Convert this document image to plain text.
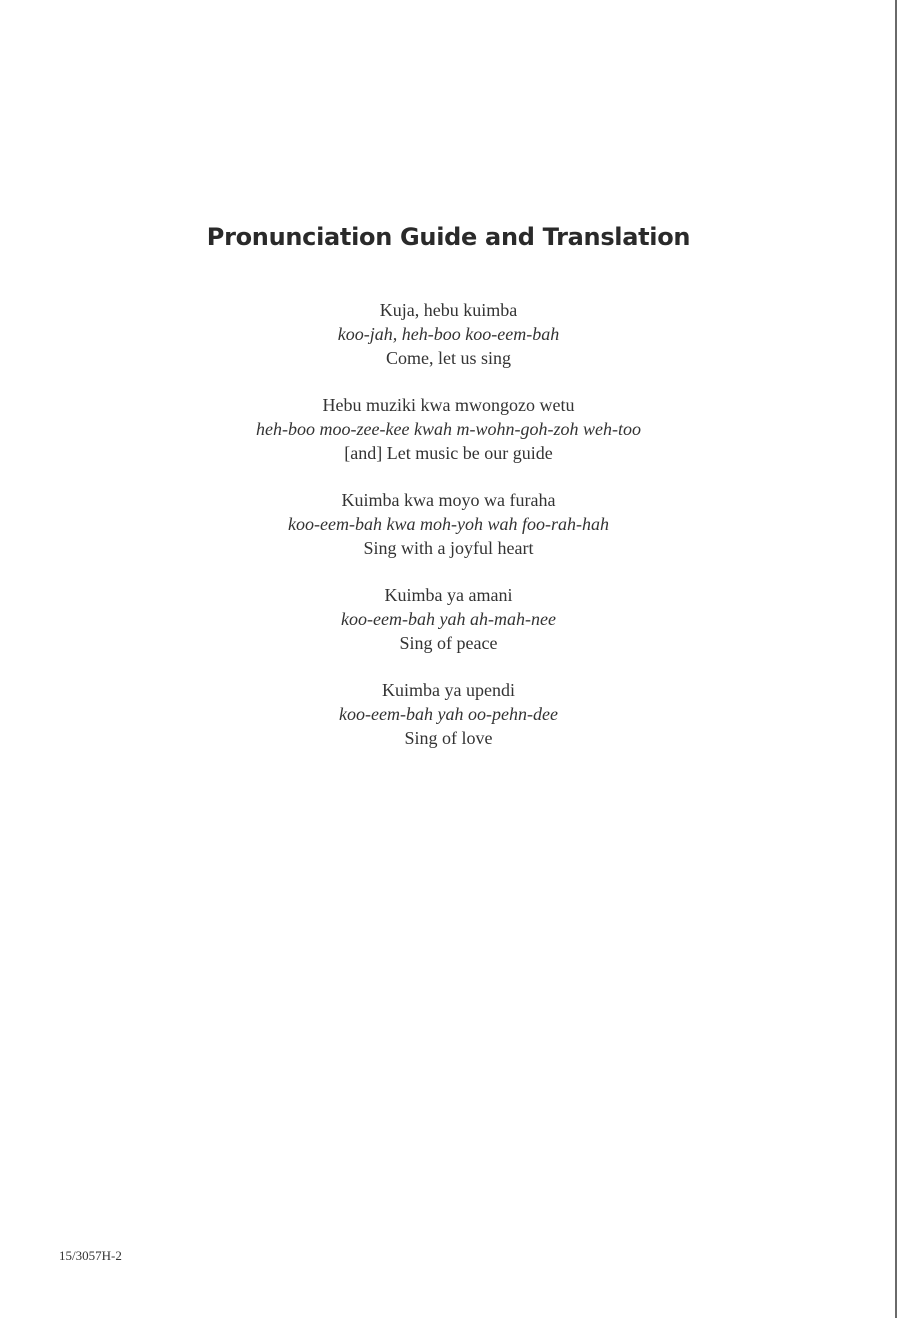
Pronunciation Guide and Translation
Kuja, hebu kuimba
koo-jah, heh-boo koo-eem-bah
Come, let us sing
Hebu muziki kwa mwongozo wetu
heh-boo moo-zee-kee kwah m-wohn-goh-zoh weh-too
[and] Let music be our guide
Kuimba kwa moyo wa furaha
koo-eem-bah kwa moh-yoh wah foo-rah-hah
Sing with a joyful heart
Kuimba ya amani
koo-eem-bah yah ah-mah-nee
Sing of peace
Kuimba ya upendi
koo-eem-bah yah oo-pehn-dee
Sing of love
15/3057H-2
